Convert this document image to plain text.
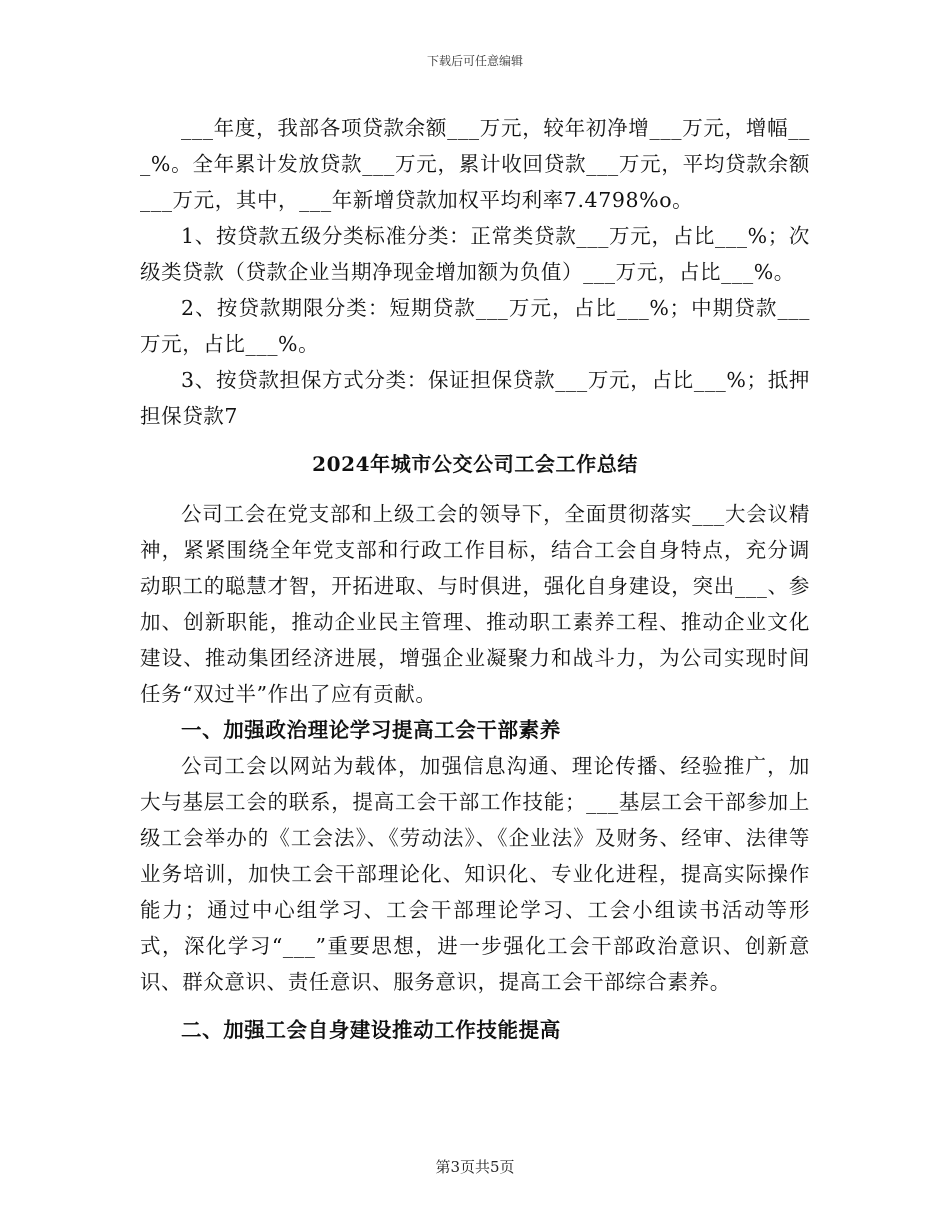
下载后可任意编辑

___年度，我部各项贷款余额___万元，较年初净增___万元，增幅___%。全年累计发放贷款___万元，累计收回贷款___万元，平均贷款余额___万元，其中，___年新增贷款加权平均利率7.4798%o。

1、按贷款五级分类标准分类：正常类贷款___万元，占比___%；次级类贷款（贷款企业当期净现金增加额为负值）___万元，占比___%。

2、按贷款期限分类：短期贷款___万元，占比___%；中期贷款___万元，占比___%。

3、按贷款担保方式分类：保证担保贷款___万元，占比___%；抵押担保贷款7

2024年城市公交公司工会工作总结

公司工会在党支部和上级工会的领导下，全面贯彻落实___大会议精神，紧紧围绕全年党支部和行政工作目标，结合工会自身特点，充分调动职工的聪慧才智，开拓进取、与时俱进，强化自身建设，突出___、参加、创新职能，推动企业民主管理、推动职工素养工程、推动企业文化建设、推动集团经济进展，增强企业凝聚力和战斗力，为公司实现时间任务“双过半”作出了应有贡献。

一、加强政治理论学习提高工会干部素养

公司工会以网站为载体，加强信息沟通、理论传播、经验推广，加大与基层工会的联系，提高工会干部工作技能；___基层工会干部参加上级工会举办的《工会法》、《劳动法》、《企业法》及财务、经审、法律等业务培训，加快工会干部理论化、知识化、专业化进程，提高实际操作能力；通过中心组学习、工会干部理论学习、工会小组读书活动等形式，深化学习“___”重要思想，进一步强化工会干部政治意识、创新意识、群众意识、责任意识、服务意识，提高工会干部综合素养。

二、加强工会自身建设推动工作技能提高
第3页共5页
